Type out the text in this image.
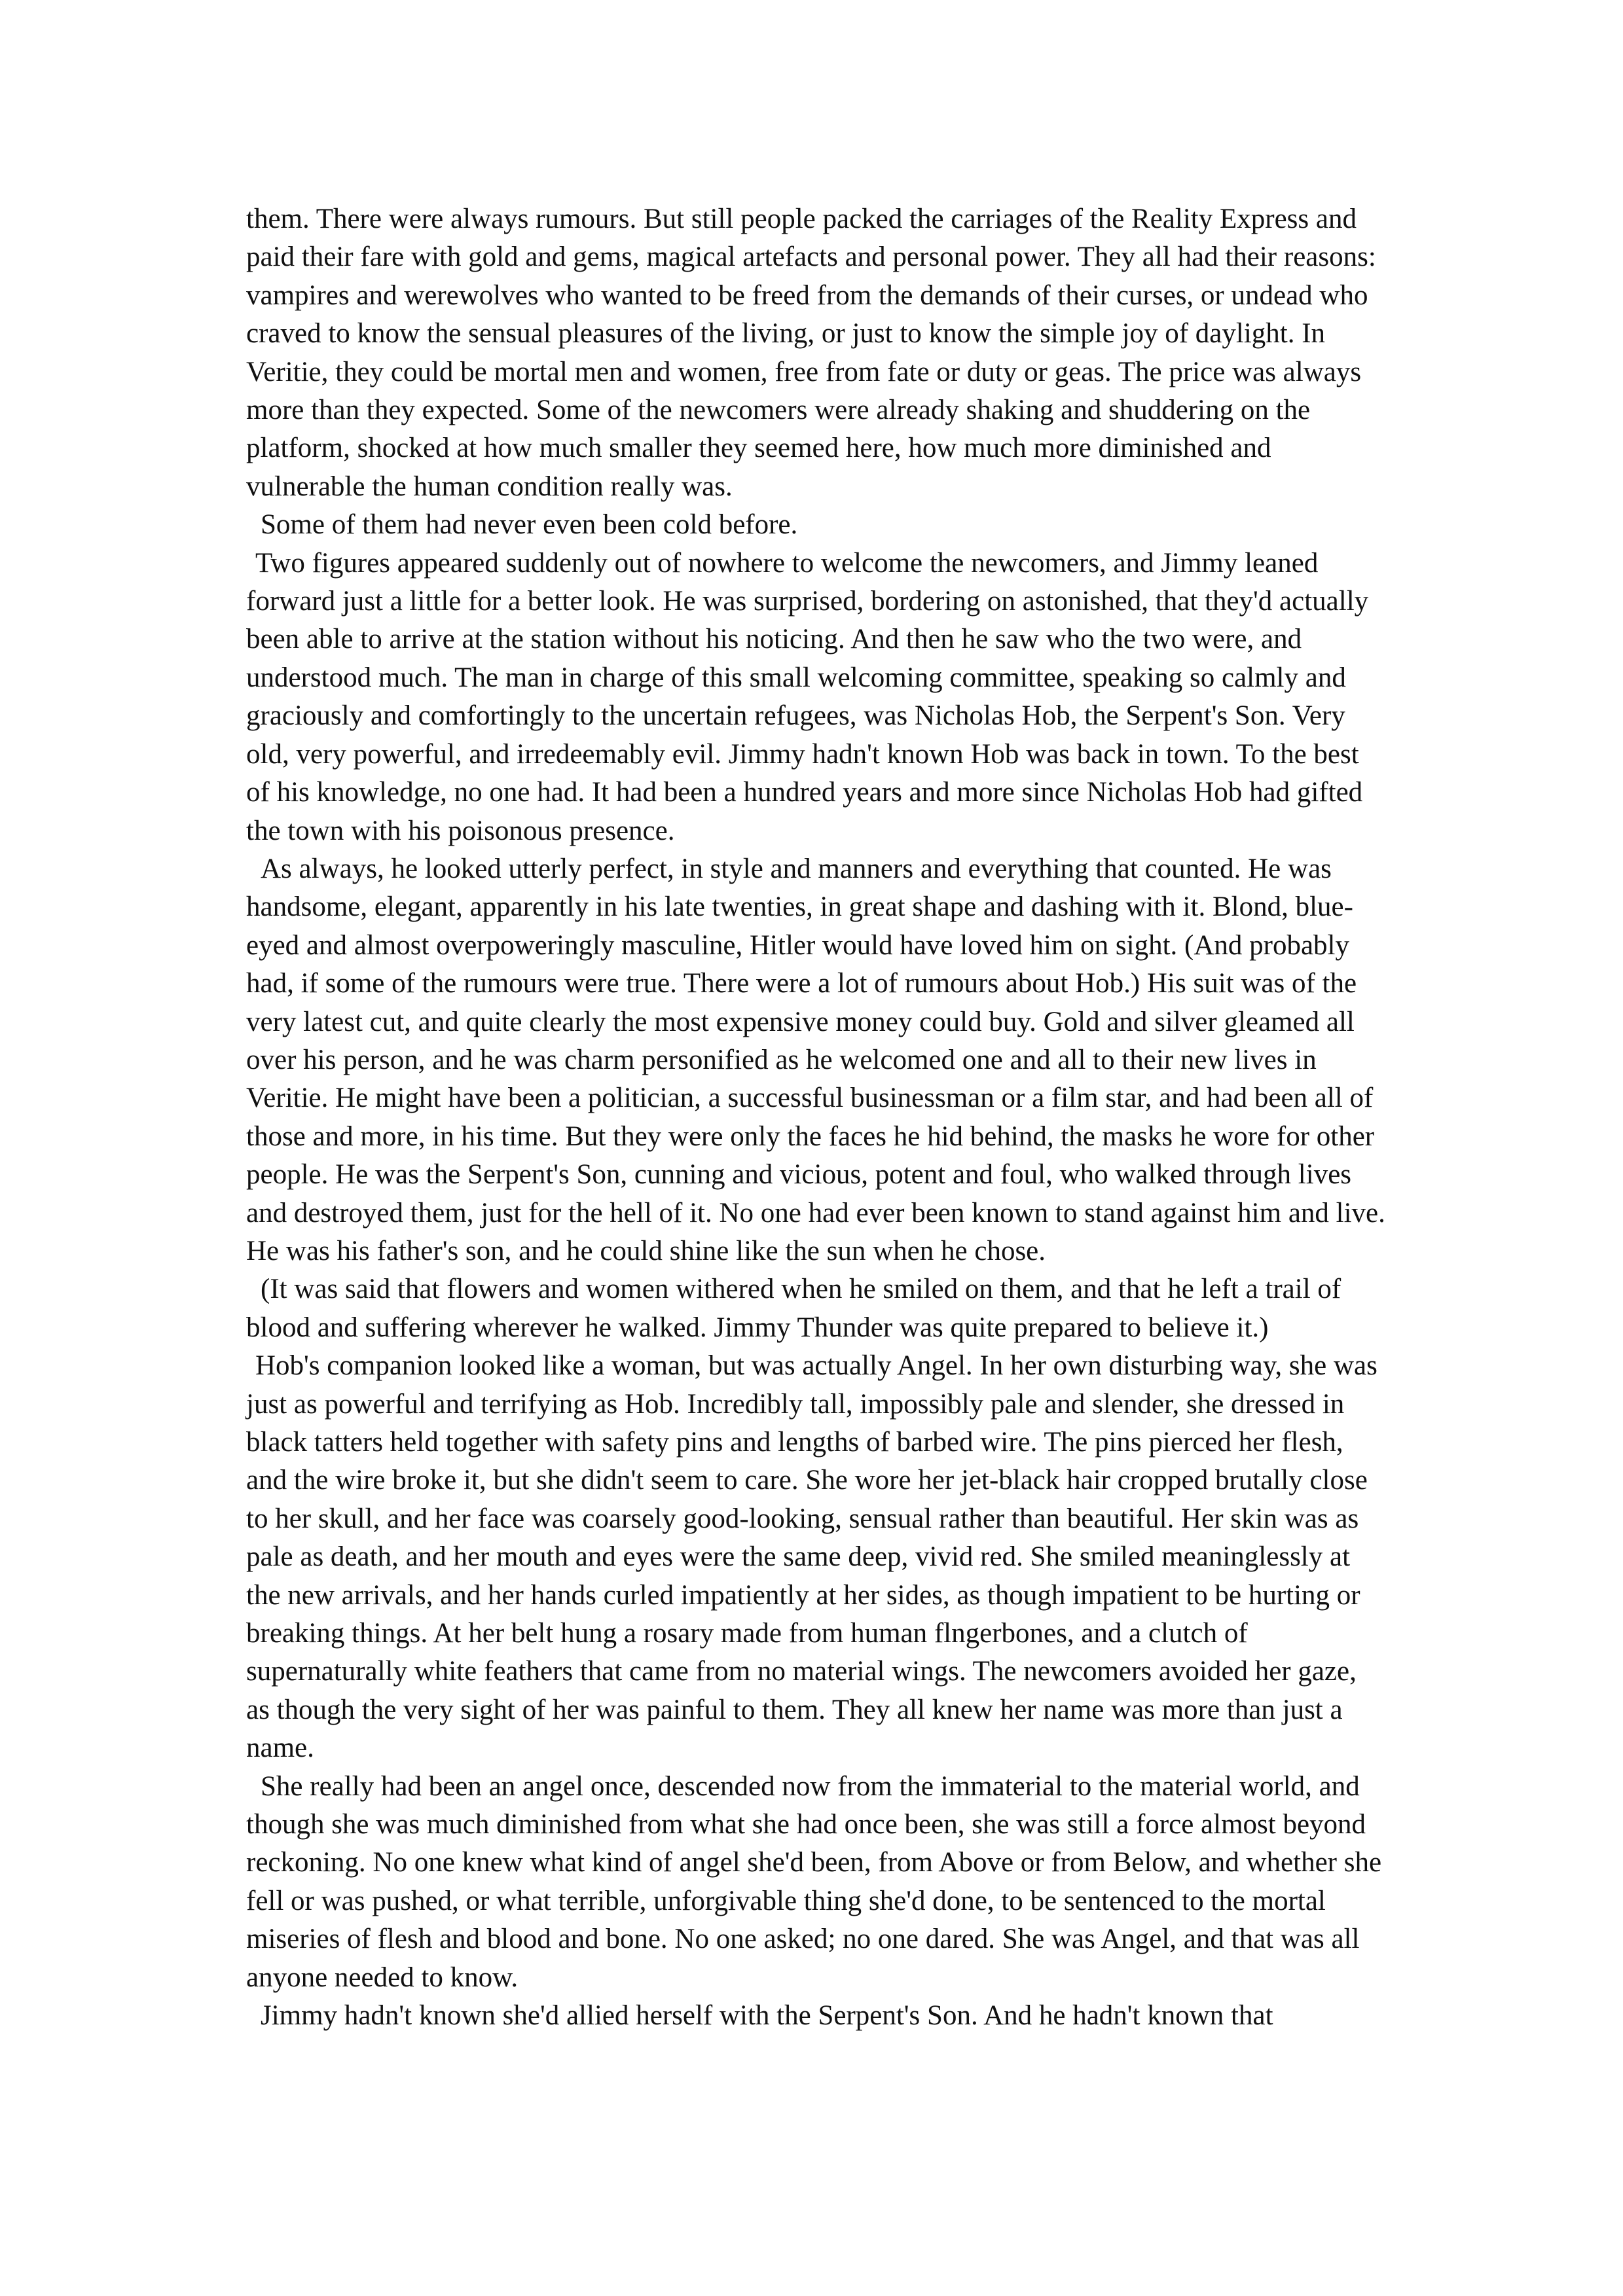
them. There were always rumours. But still people packed the carriages of the Reality Express and paid their fare with gold and gems, magical artefacts and personal power. They all had their reasons: vampires and werewolves who wanted to be freed from the demands of their curses, or undead who craved to know the sensual pleasures of the living, or just to know the simple joy of daylight. In Veritie, they could be mortal men and women, free from fate or duty or geas. The price was always more than they expected. Some of the newcomers were already shaking and shuddering on the platform, shocked at how much smaller they seemed here, how much more diminished and vulnerable the human condition really was.

Some of them had never even been cold before.

Two figures appeared suddenly out of nowhere to welcome the newcomers, and Jimmy leaned forward just a little for a better look. He was surprised, bordering on astonished, that they'd actually been able to arrive at the station without his noticing. And then he saw who the two were, and understood much. The man in charge of this small welcoming committee, speaking so calmly and graciously and comfortingly to the uncertain refugees, was Nicholas Hob, the Serpent's Son. Very old, very powerful, and irredeemably evil. Jimmy hadn't known Hob was back in town. To the best of his knowledge, no one had. It had been a hundred years and more since Nicholas Hob had gifted the town with his poisonous presence.

As always, he looked utterly perfect, in style and manners and everything that counted. He was handsome, elegant, apparently in his late twenties, in great shape and dashing with it. Blond, blue-eyed and almost overpoweringly masculine, Hitler would have loved him on sight. (And probably had, if some of the rumours were true. There were a lot of rumours about Hob.) His suit was of the very latest cut, and quite clearly the most expensive money could buy. Gold and silver gleamed all over his person, and he was charm personified as he welcomed one and all to their new lives in Veritie. He might have been a politician, a successful businessman or a film star, and had been all of those and more, in his time. But they were only the faces he hid behind, the masks he wore for other people. He was the Serpent's Son, cunning and vicious, potent and foul, who walked through lives and destroyed them, just for the hell of it. No one had ever been known to stand against him and live. He was his father's son, and he could shine like the sun when he chose.

(It was said that flowers and women withered when he smiled on them, and that he left a trail of blood and suffering wherever he walked. Jimmy Thunder was quite prepared to believe it.)

Hob's companion looked like a woman, but was actually Angel. In her own disturbing way, she was just as powerful and terrifying as Hob. Incredibly tall, impossibly pale and slender, she dressed in black tatters held together with safety pins and lengths of barbed wire. The pins pierced her flesh, and the wire broke it, but she didn't seem to care. She wore her jet-black hair cropped brutally close to her skull, and her face was coarsely good-looking, sensual rather than beautiful. Her skin was as pale as death, and her mouth and eyes were the same deep, vivid red. She smiled meaninglessly at the new arrivals, and her hands curled impatiently at her sides, as though impatient to be hurting or breaking things. At her belt hung a rosary made from human flngerbones, and a clutch of supernaturally white feathers that came from no material wings. The newcomers avoided her gaze, as though the very sight of her was painful to them. They all knew her name was more than just a name.

She really had been an angel once, descended now from the immaterial to the material world, and though she was much diminished from what she had once been, she was still a force almost beyond reckoning. No one knew what kind of angel she'd been, from Above or from Below, and whether she fell or was pushed, or what terrible, unforgivable thing she'd done, to be sentenced to the mortal miseries of flesh and blood and bone. No one asked; no one dared. She was Angel, and that was all anyone needed to know.

Jimmy hadn't known she'd allied herself with the Serpent's Son. And he hadn't known that
